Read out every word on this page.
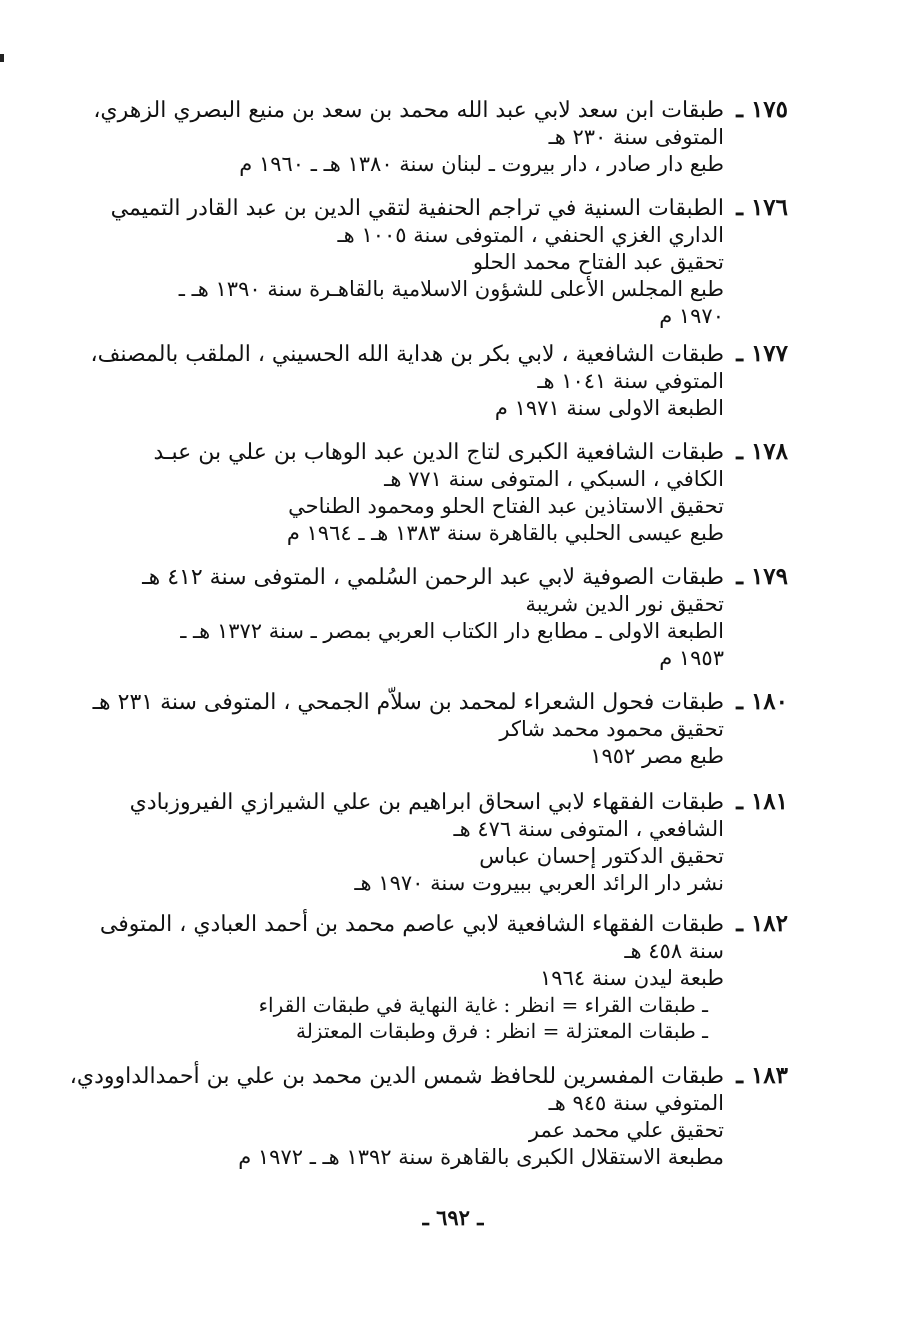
١٧٥ ـ
طبقات ابن سعد لابي عبد الله محمد بن سعد بن منيع البصري الزهري،
المتوفى سنة ٢٣٠ هـ
طبع دار صادر ، دار بيروت ـ لبنان سنة ١٣٨٠ هـ ـ ١٩٦٠ م
١٧٦ ـ
الطبقات السنية في تراجم الحنفية لتقي الدين بن عبد القادر التميمي
الداري الغزي الحنفي ، المتوفى سنة ١٠٠٥ هـ
تحقيق عبد الفتاح محمد الحلو
طبع المجلس الأعلى للشؤون الاسلامية بالقاهـرة سنة ١٣٩٠ هـ ـ
١٩٧٠ م
١٧٧ ـ
طبقات الشافعية ، لابي بكر بن هداية الله الحسيني ، الملقب بالمصنف،
المتوفي سنة ١٠٤١ هـ
الطبعة الاولى سنة ١٩٧١ م
١٧٨ ـ
طبقات الشافعية الكبرى لتاج الدين عبد الوهاب بن علي بن عبـد
الكافي ، السبكي ، المتوفى سنة ٧٧١ هـ
تحقيق الاستاذين عبد الفتاح الحلو ومحمود الطناحي
طبع عيسى الحلبي بالقاهرة سنة ١٣٨٣ هـ ـ ١٩٦٤ م
١٧٩ ـ
طبقات الصوفية لابي عبد الرحمن السُلمي ، المتوفى سنة ٤١٢ هـ
تحقيق نور الدين شريبة
الطبعة الاولى ـ مطابع دار الكتاب العربي بمصر ـ سنة ١٣٧٢ هـ ـ
١٩٥٣ م
١٨٠ ـ
طبقات فحول الشعراء لمحمد بن سلاّم الجمحي ، المتوفى سنة ٢٣١ هـ
تحقيق محمود محمد شاكر
طبع مصر ١٩٥٢
١٨١ ـ
طبقات الفقهاء لابي اسحاق ابراهيم بن علي الشيرازي الفيروزبادي
الشافعي ، المتوفى سنة ٤٧٦ هـ
تحقيق الدكتور إحسان عباس
نشر دار الرائد العربي ببيروت سنة ١٩٧٠ هـ
١٨٢ ـ
طبقات الفقهاء الشافعية لابي عاصم محمد بن أحمد العبادي ، المتوفى
سنة ٤٥٨ هـ
طبعة ليدن سنة ١٩٦٤
ـ طبقات القراء = انظر : غاية النهاية في طبقات القراء
ـ طبقات المعتزلة = انظر : فرق وطبقات المعتزلة
١٨٣ ـ
طبقات المفسرين للحافظ شمس الدين محمد بن علي بن أحمدالداوودي،
المتوفي سنة ٩٤٥ هـ
تحقيق علي محمد عمر
مطبعة الاستقلال الكبرى بالقاهرة سنة ١٣٩٢ هـ ـ ١٩٧٢ م
ـ ٦٩٢ ـ
